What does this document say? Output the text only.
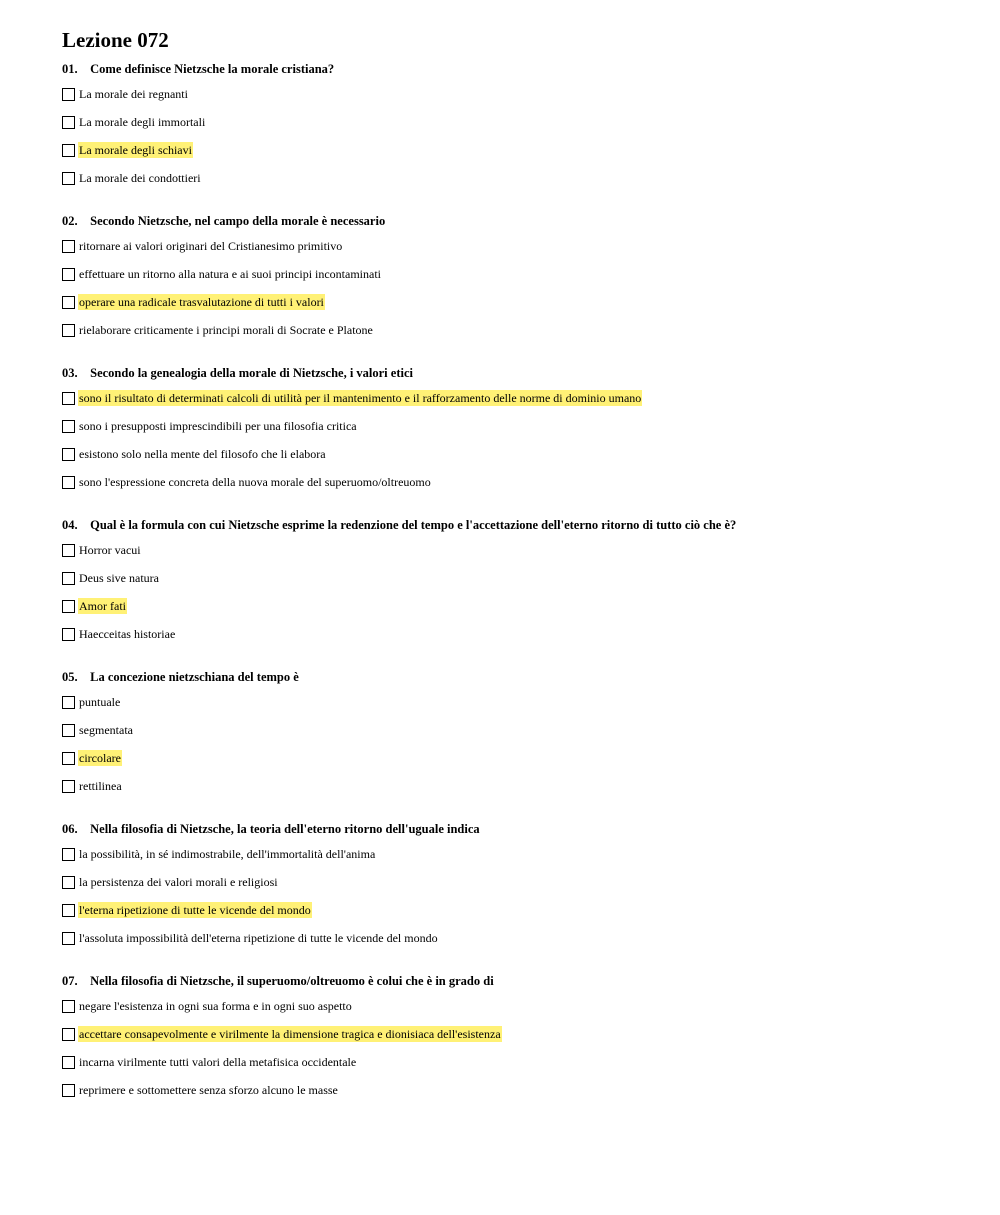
Lezione 072

01. Come definisce Nietzsche la morale cristiana?

La morale dei regnanti
La morale degli immortali
La morale degli schiavi
La morale dei condottieri

02. Secondo Nietzsche, nel campo della morale è necessario

ritornare ai valori originari del Cristianesimo primitivo
effettuare un ritorno alla natura e ai suoi principi incontaminati
operare una radicale trasvalutazione di tutti i valori
rielaborare criticamente i principi morali di Socrate e Platone

03. Secondo la genealogia della morale di Nietzsche, i valori etici

sono il risultato di determinati calcoli di utilità per il mantenimento e il rafforzamento delle norme di dominio umano
sono i presupposti imprescindibili per una filosofia critica
esistono solo nella mente del filosofo che li elabora
sono l'espressione concreta della nuova morale del superuomo/oltreuomo

04. Qual è la formula con cui Nietzsche esprime la redenzione del tempo e l'accettazione dell'eterno ritorno di tutto ciò che è?

Horror vacui
Deus sive natura
Amor fati
Haecceitas historiae

05. La concezione nietzschiana del tempo è

puntuale
segmentata
circolare
rettilinea

06. Nella filosofia di Nietzsche, la teoria dell'eterno ritorno dell'uguale indica

la possibilità, in sé indimostrabile, dell'immortalità dell'anima
la persistenza dei valori morali e religiosi
l'eterna ripetizione di tutte le vicende del mondo
l'assoluta impossibilità dell'eterna ripetizione di tutte le vicende del mondo

07. Nella filosofia di Nietzsche, il superuomo/oltreuomo è colui che è in grado di

negare l'esistenza in ogni sua forma e in ogni suo aspetto
accettare consapevolmente e virilmente la dimensione tragica e dionisiaca dell'esistenza
incarna virilmente tutti valori della metafisica occidentale
reprimere e sottomettere senza sforzo alcuno le masse
